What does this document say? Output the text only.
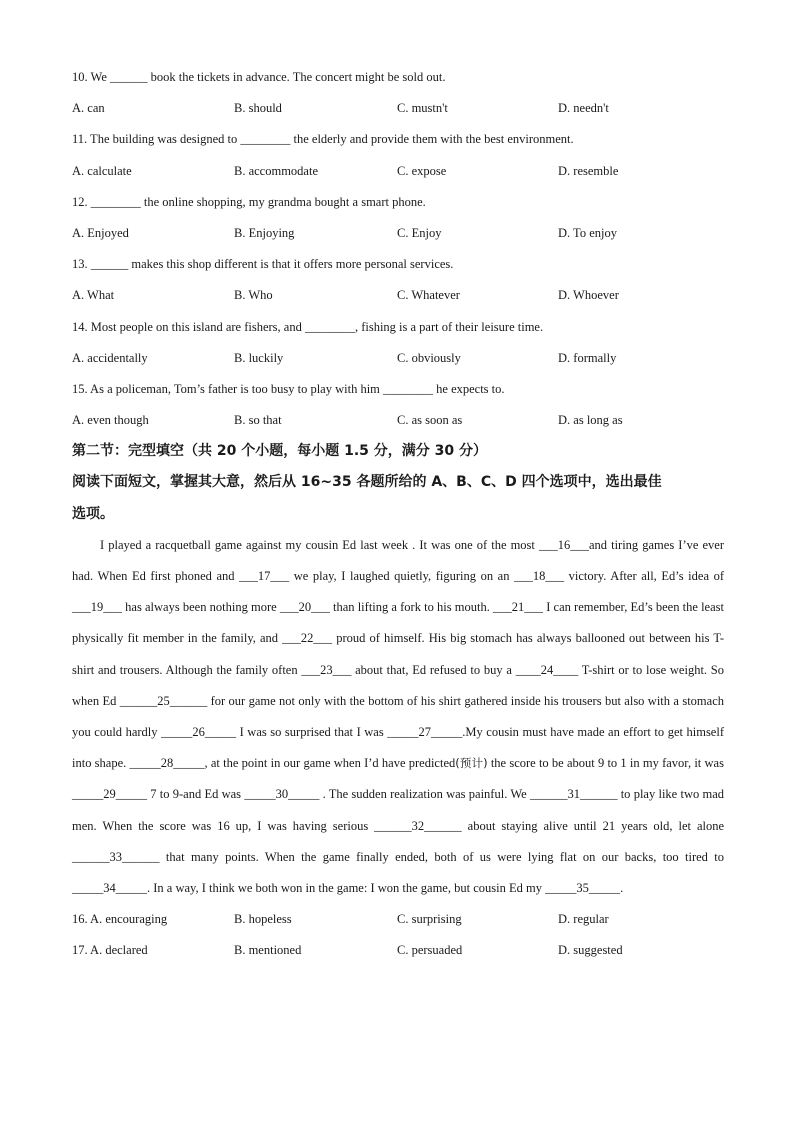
10. We ______ book the tickets in advance. The concert might be sold out.
A. can	B. should	C. mustn't	D. needn't
11. The building was designed to ________ the elderly and provide them with the best environment.
A. calculate	B. accommodate	C. expose	D. resemble
12. ________ the online shopping, my grandma bought a smart phone.
A. Enjoyed	B. Enjoying	C. Enjoy	D. To enjoy
13. ______ makes this shop different is that it offers more personal services.
A. What	B. Who	C. Whatever	D. Whoever
14. Most people on this island are fishers, and ________, fishing is a part of their leisure time.
A. accidentally	B. luckily	C. obviously	D. formally
15. As a policeman, Tom’s father is too busy to play with him ________ he expects to.
A. even though	B. so that	C. as soon as	D. as long as
第二节：完型填空（共 20 个小题，每小题 1.5 分，满分 30 分）
阅读下面短文，掌握其大意，然后从 16~35 各题所给的 A、B、C、D 四个选项中，选出最佳
选项。

I played a racquetball game against my cousin Ed last week . It was one of the most ___16___and tiring games I’ve ever had. When Ed first phoned and ___17___ we play, I laughed quietly, figuring on an ___18___ victory. After all, Ed’s idea of ___19___ has always been nothing more ___20___ than lifting a fork to his mouth. ___21___ I can remember, Ed’s been the least physically fit member in the family, and ___22___ proud of himself. His big stomach has always ballooned out between his T-shirt and trousers. Although the family often ___23___ about that, Ed refused to buy a ____24____ T-shirt or to lose weight. So when Ed ______25______ for our game not only with the bottom of his shirt gathered inside his trousers but also with a stomach you could hardly _____26_____ I was so surprised that I was _____27_____.My cousin must have made an effort to get himself into shape. _____28_____, at the point in our game when I’d have predicted(预计) the score to be about 9 to 1 in my favor, it was _____29_____ 7 to 9-and Ed was _____30_____ . The sudden realization was painful. We ______31______ to play like two mad men. When the score was 16 up, I was having serious ______32______ about staying alive until 21 years old, let alone ______33______ that many points. When the game finally ended, both of us were lying flat on our backs, too tired to _____34_____. In a way, I think we both won in the game: I won the game, but cousin Ed my _____35_____.

16. A. encouraging	B. hopeless	C. surprising	D. regular
17. A. declared	B. mentioned	C. persuaded	D. suggested
